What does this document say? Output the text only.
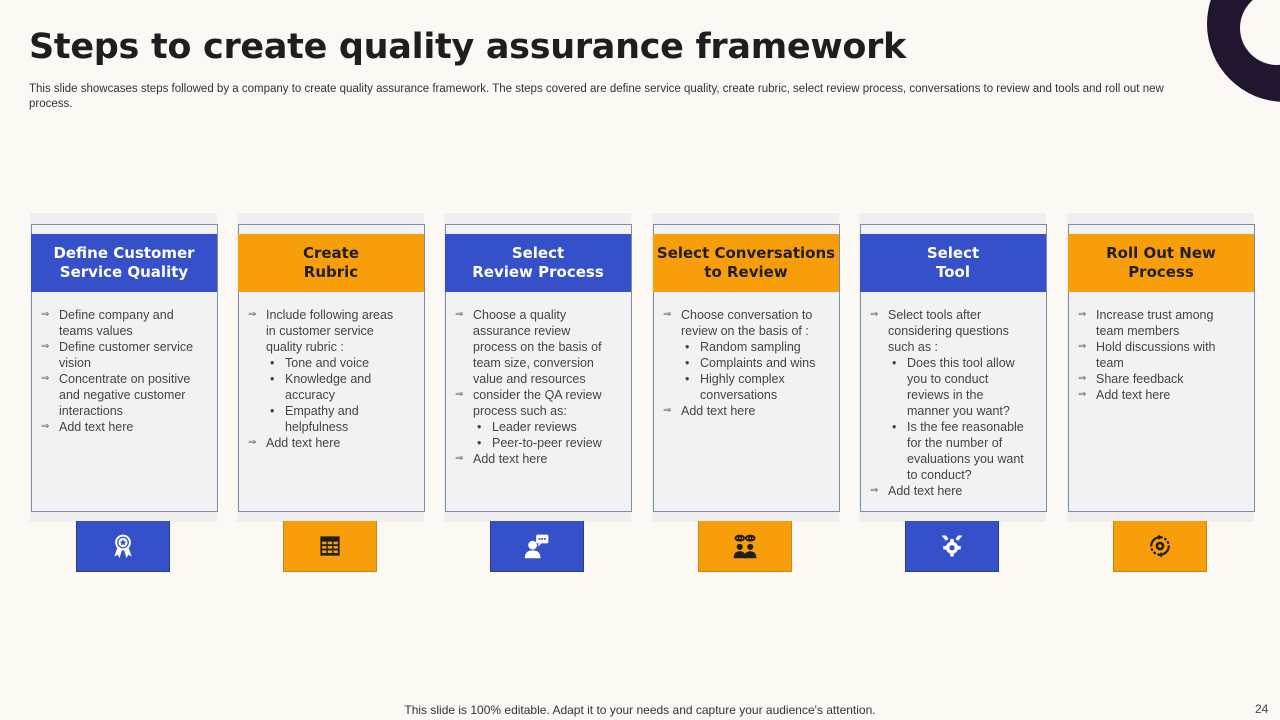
Steps to create quality assurance framework
This slide showcases steps followed by a company to create quality assurance framework. The steps covered are define service quality, create rubric, select review process, conversations to review and tools and roll out new process.
Define Customer
Service Quality
⇒ Define company and teams values
⇒ Define customer service vision
⇒ Concentrate on positive and negative customer interactions
⇒ Add text here
Create
Rubric
⇒ Include following areas in customer service quality rubric :
• Tone and voice
• Knowledge and accuracy
• Empathy and helpfulness
⇒ Add text here
Select
Review Process
⇒ Choose a quality assurance review process on the basis of team size, conversion value and resources
⇒ consider the QA review process such as:
• Leader reviews
• Peer-to-peer review
⇒ Add text here
Select Conversations
to Review
⇒ Choose conversation to review on the basis of :
• Random sampling
• Complaints and wins
• Highly complex conversations
⇒ Add text here
Select
Tool
⇒ Select tools after considering questions such as :
• Does this tool allow you to conduct reviews in the manner you want?
• Is the fee reasonable for the number of evaluations you want to conduct?
⇒ Add text here
Roll Out New
Process
⇒ Increase trust among team members
⇒ Hold discussions with team
⇒ Share feedback
⇒ Add text here
This slide is 100% editable. Adapt it to your needs and capture your audience's attention.	24
